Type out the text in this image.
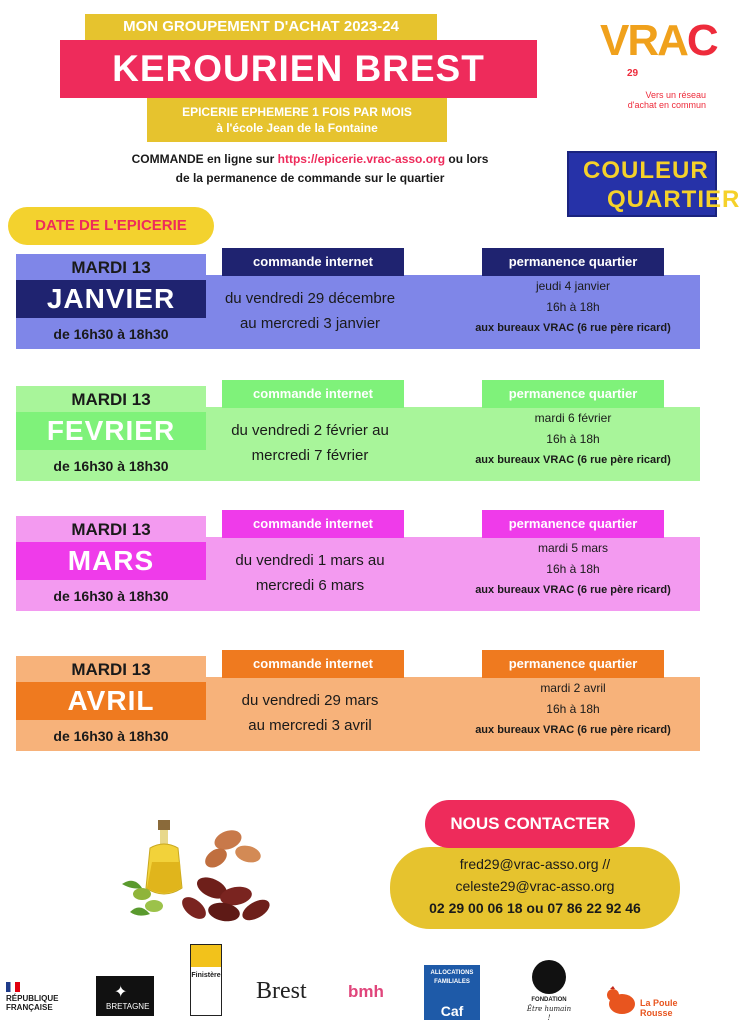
MON GROUPEMENT D'ACHAT 2023-24
KEROURIEN BREST
EPICERIE EPHEMERE 1 FOIS PAR MOIS
à l'école Jean de la Fontaine
COMMANDE en ligne sur https://epicerie.vrac-asso.org ou lors
de la permanence de commande sur le quartier
VRAC
29
Vers un réseau
d'achat en commun
COULEUR
QUARTIER
DATE DE L'EPICERIE
MARDI 13
JANVIER
de 16h30 à 18h30
commande internet
du vendredi 29 décembre
au mercredi 3 janvier
permanence quartier
jeudi 4 janvier
16h à 18h
aux bureaux VRAC (6 rue père ricard)
MARDI 13
FEVRIER
de 16h30 à 18h30
commande internet
du vendredi 2 février au
mercredi 7 février
permanence quartier
mardi 6 février
16h à 18h
aux bureaux VRAC (6 rue père ricard)
MARDI 13
MARS
de 16h30 à 18h30
commande internet
du vendredi 1 mars au
mercredi 6 mars
permanence quartier
mardi 5 mars
16h à 18h
aux bureaux VRAC (6 rue père ricard)
MARDI 13
AVRIL
de 16h30 à 18h30
commande internet
du vendredi 29 mars
au mercredi 3 avril
permanence quartier
mardi 2 avril
16h à 18h
aux bureaux VRAC (6 rue père ricard)
NOUS CONTACTER
fred29@vrac-asso.org //
celeste29@vrac-asso.org
02 29 00 06 18 ou 07 86 22 92 46
RÉPUBLIQUE FRANÇAISE	BRETAGNE
✦
Finistère
Brest bmh
ALLOCATIONS FAMILIALES
Caf
FONDATION
Être humain !
La Poule
Rousse
